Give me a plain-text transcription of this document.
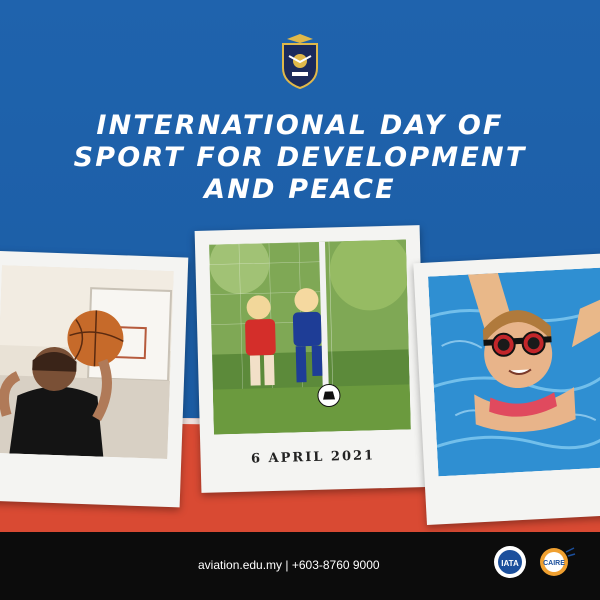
INTERNATIONAL DAY OF
SPORT FOR DEVELOPMENT
AND PEACE
6 APRIL 2021
aviation.edu.my | +603-8760 9000	IATA	CAIRE
